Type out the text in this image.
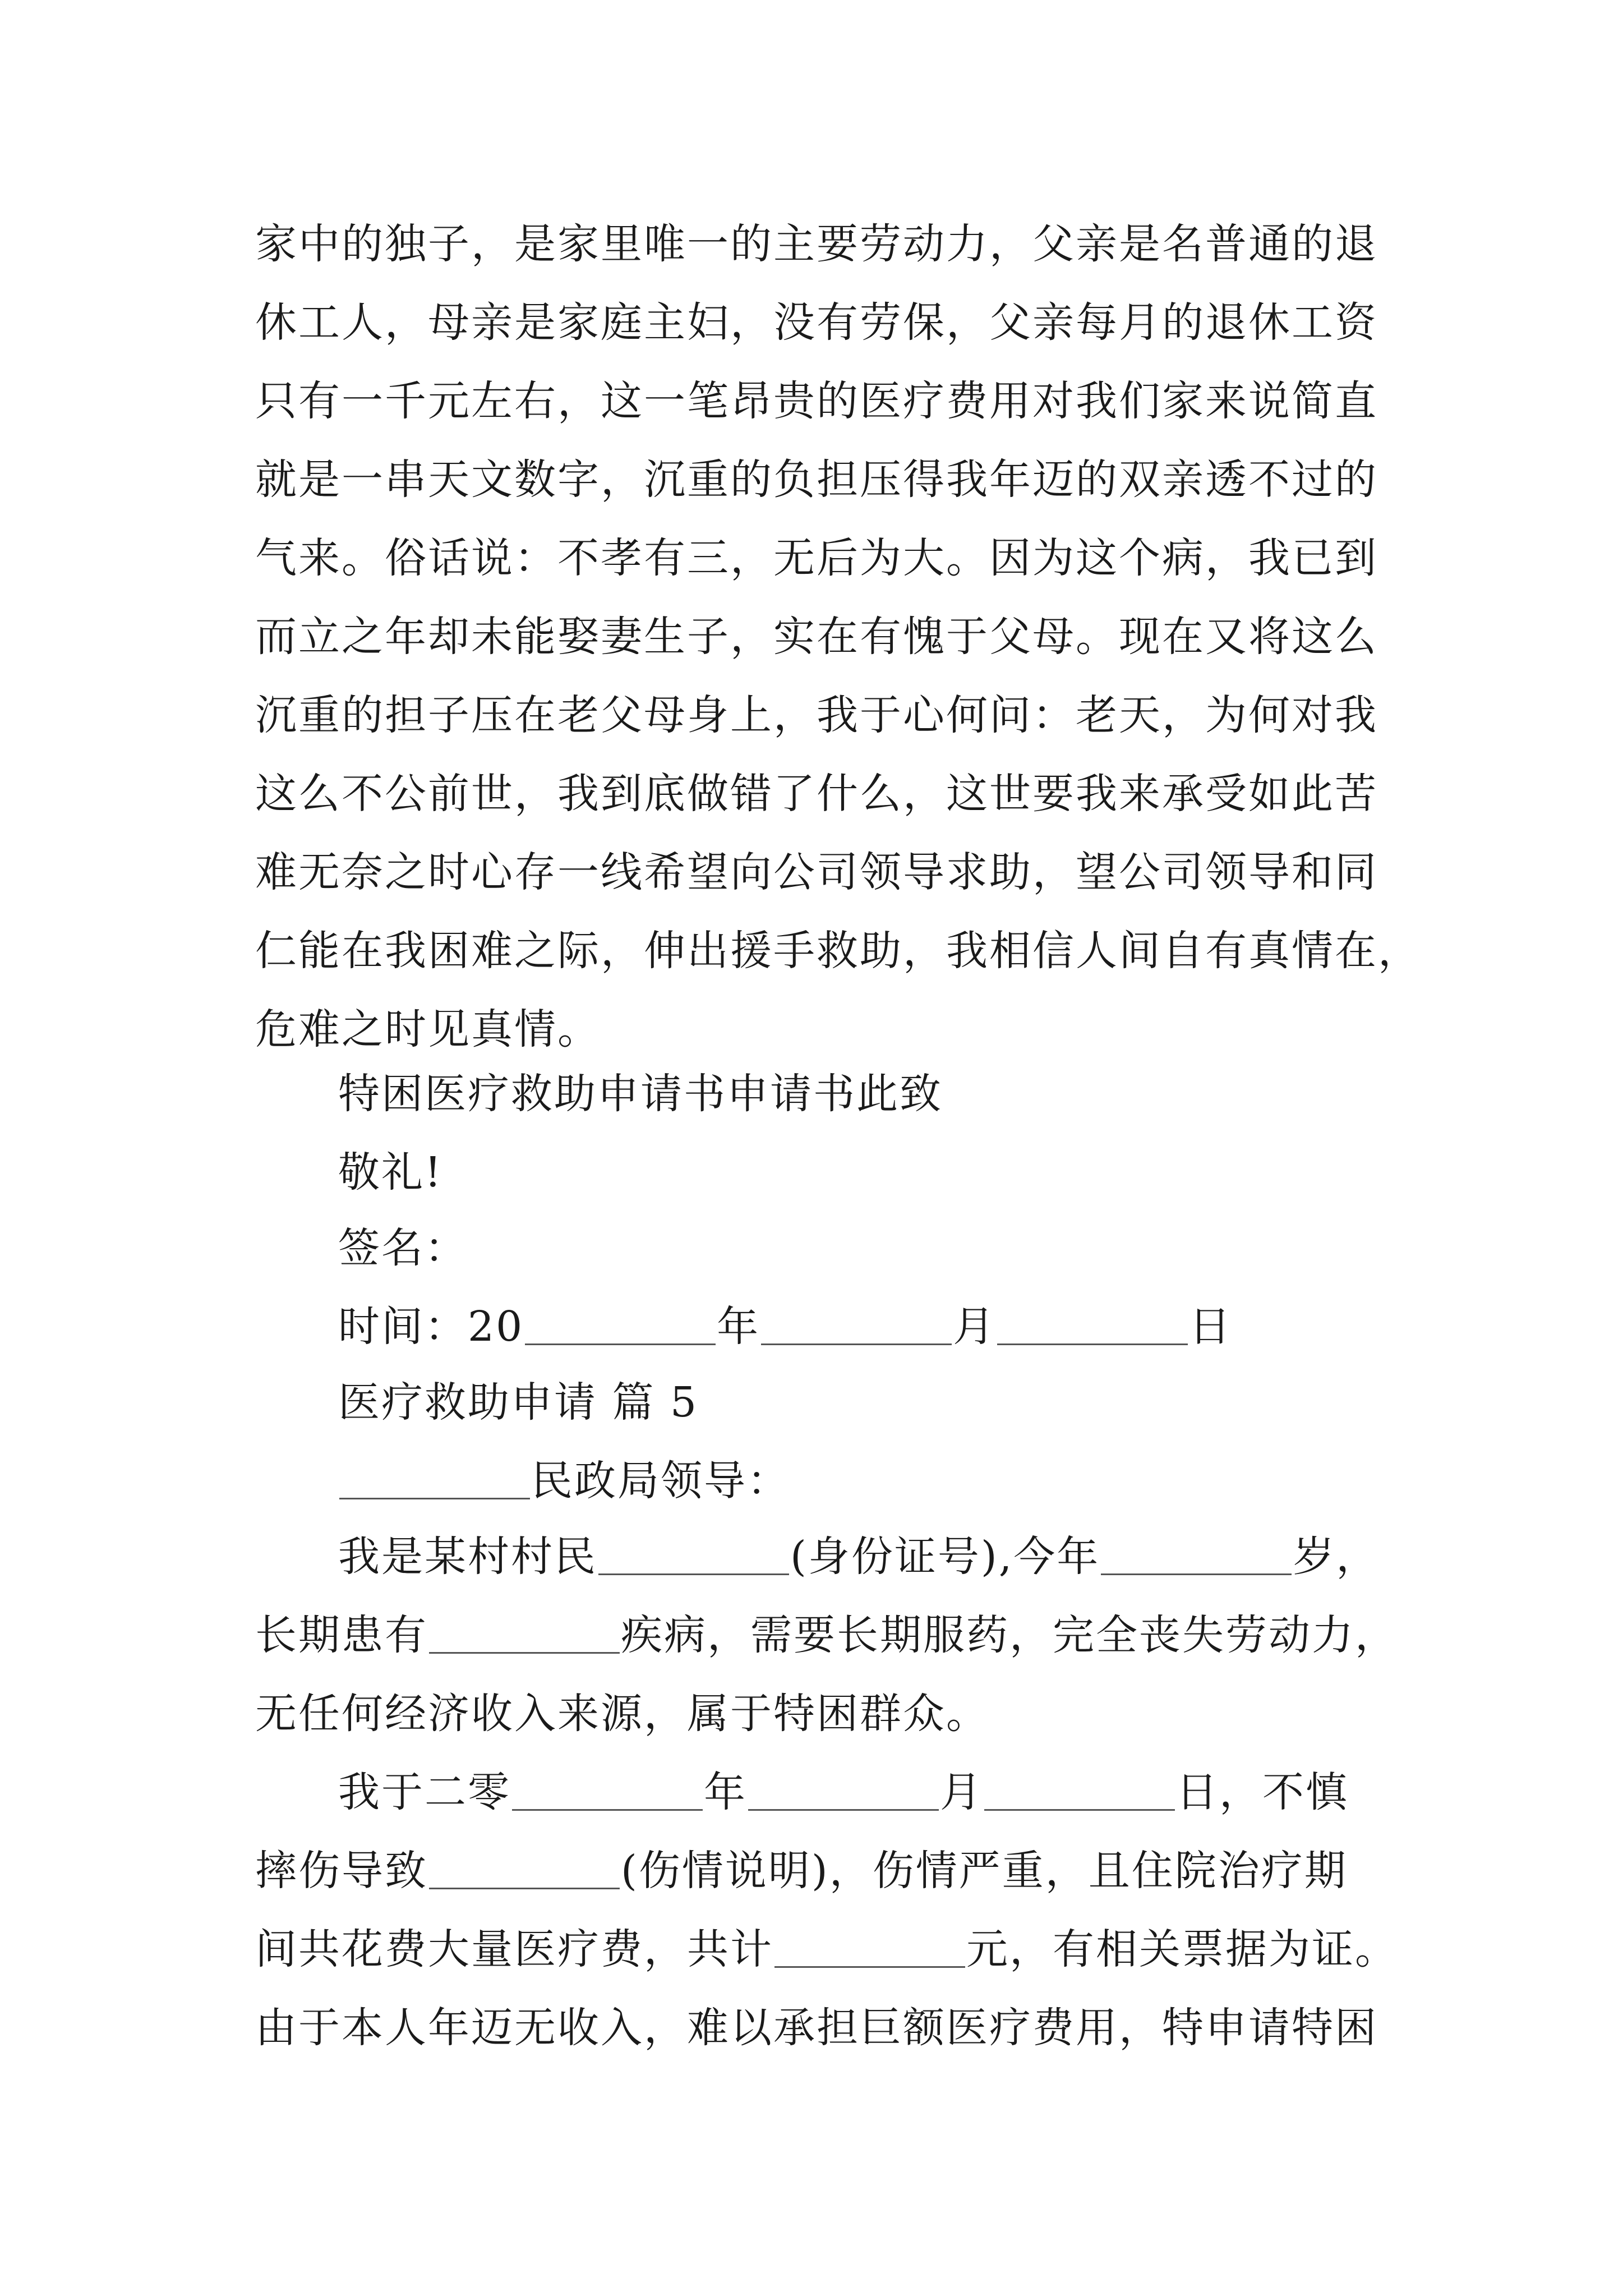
家中的独子，是家里唯一的主要劳动力，父亲是名普通的退
休工人，母亲是家庭主妇，没有劳保，父亲每月的退休工资
只有一千元左右，这一笔昂贵的医疗费用对我们家来说简直
就是一串天文数字，沉重的负担压得我年迈的双亲透不过的
气来。俗话说：不孝有三，无后为大。因为这个病，我已到
而立之年却未能娶妻生子，实在有愧于父母。现在又将这么
沉重的担子压在老父母身上，我于心何问：老天，为何对我
这么不公前世，我到底做错了什么，这世要我来承受如此苦
难无奈之时心存一线希望向公司领导求助，望公司领导和同
仁能在我困难之际，伸出援手救助，我相信人间自有真情在，
危难之时见真情。
特困医疗救助申请书申请书此致
敬礼!
签名：
时间：20	年	月	日
医疗救助申请 篇 5
民政局领导：
我是某村村民	(身份证号),今年	岁，
长期患有	疾病，需要长期服药，完全丧失劳动力，
无任何经济收入来源，属于特困群众。
我于二零	年	月	日，不慎
摔伤导致	(伤情说明)，伤情严重，且住院治疗期
间共花费大量医疗费，共计	元，有相关票据为证。
由于本人年迈无收入，难以承担巨额医疗费用，特申请特困
